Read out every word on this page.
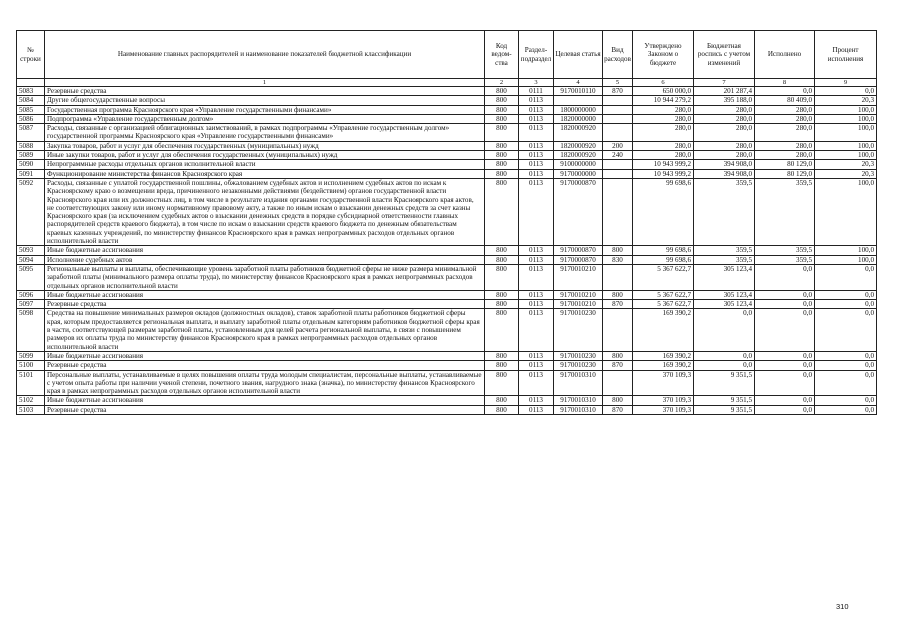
№ строки	Наименование главных распорядителей и наименование показателей бюджетной классификации	Код ведом-ства	Раздел-подраздел	Целевая статья	Вид расходов	Утверждено Законом о бюджете	Бюджетная роспись с учетом изменений	Исполнено	Процент исполнения
	1	2	3	4	5	6	7	8	9
5083	Резервные средства	800	0111	9170010110	870	650 000,0	201 287,4	0,0	0,0
5084	Другие общегосударственные вопросы	800	0113			10 944 279,2	395 188,0	80 409,0	20,3
5085	Государственная программа Красноярского края «Управление государственными финансами»	800	0113	1800000000		280,0	280,0	280,0	100,0
5086	Подпрограмма «Управление государственным долгом»	800	0113	1820000000		280,0	280,0	280,0	100,0
5087	Расходы, связанные с организацией облигационных заимствований, в рамках подпрограммы «Управление государственным долгом» государственной программы Красноярского края «Управление государственными финансами»	800	0113	1820000920		280,0	280,0	280,0	100,0
5088	Закупка товаров, работ и услуг для обеспечения государственных (муниципальных) нужд	800	0113	1820000920	200	280,0	280,0	280,0	100,0
5089	Иные закупки товаров, работ и услуг для обеспечения государственных (муниципальных) нужд	800	0113	1820000920	240	280,0	280,0	280,0	100,0
5090	Непрограммные расходы отдельных органов исполнительной власти	800	0113	9100000000		10 943 999,2	394 908,0	80 129,0	20,3
5091	Функционирование министерства финансов Красноярского края	800	0113	9170000000		10 943 999,2	394 908,0	80 129,0	20,3
5092	Расходы, связанные с уплатой государственной пошлины, обжалованием судебных актов и исполнением судебных актов по искам к Красноярскому краю о возмещении вреда, причиненного незаконными действиями (бездействием) органов государственной власти Красноярского края или их должностных лиц, в том числе в результате издания органами государственной власти Красноярского края актов, не соответствующих закону или иному нормативному правовому акту, а также по иным искам о взыскании денежных средств за счет казны Красноярского края (за исключением судебных актов о взыскании денежных средств в порядке субсидиарной ответственности главных распорядителей средств краевого бюджета), в том числе по искам о взыскании средств краевого бюджета по денежным обязательствам краевых казенных учреждений, по министерству финансов Красноярского края в рамках непрограммных расходов отдельных органов исполнительной власти	800	0113	9170000870		99 698,6	359,5	359,5	100,0
5093	Иные бюджетные ассигнования	800	0113	9170000870	800	99 698,6	359,5	359,5	100,0
5094	Исполнение судебных актов	800	0113	9170000870	830	99 698,6	359,5	359,5	100,0
5095	Региональные выплаты и выплаты, обеспечивающие уровень заработной платы работников бюджетной сферы не ниже размера минимальной заработной платы (минимального размера оплаты труда), по министерству финансов Красноярского края в рамках непрограммных расходов отдельных органов исполнительной власти	800	0113	9170010210		5 367 622,7	305 123,4	0,0	0,0
5096	Иные бюджетные ассигнования	800	0113	9170010210	800	5 367 622,7	305 123,4	0,0	0,0
5097	Резервные средства	800	0113	9170010210	870	5 367 622,7	305 123,4	0,0	0,0
5098	Средства на повышение минимальных размеров окладов (должностных окладов), ставок заработной платы работников бюджетной сферы края, которым предоставляется региональная выплата, и выплату заработной платы отдельным категориям работников бюджетной сферы края в части, соответствующей размерам заработной платы, установленным для целей расчета региональной выплаты, в связи с повышением размеров их оплаты труда по министерству финансов Красноярского края в рамках непрограммных расходов отдельных органов исполнительной власти	800	0113	9170010230		169 390,2	0,0	0,0	0,0
5099	Иные бюджетные ассигнования	800	0113	9170010230	800	169 390,2	0,0	0,0	0,0
5100	Резервные средства	800	0113	9170010230	870	169 390,2	0,0	0,0	0,0
5101	Персональные выплаты, устанавливаемые в целях повышения оплаты труда молодым специалистам, персональные выплаты, устанавливаемые с учетом опыта работы при наличии ученой степени, почетного звания, нагрудного знака (значка), по министерству финансов Красноярского края в рамках непрограммных расходов отдельных органов исполнительной власти	800	0113	9170010310		370 109,3	9 351,5	0,0	0,0
5102	Иные бюджетные ассигнования	800	0113	9170010310	800	370 109,3	9 351,5	0,0	0,0
5103	Резервные средства	800	0113	9170010310	870	370 109,3	9 351,5	0,0	0,0
310
